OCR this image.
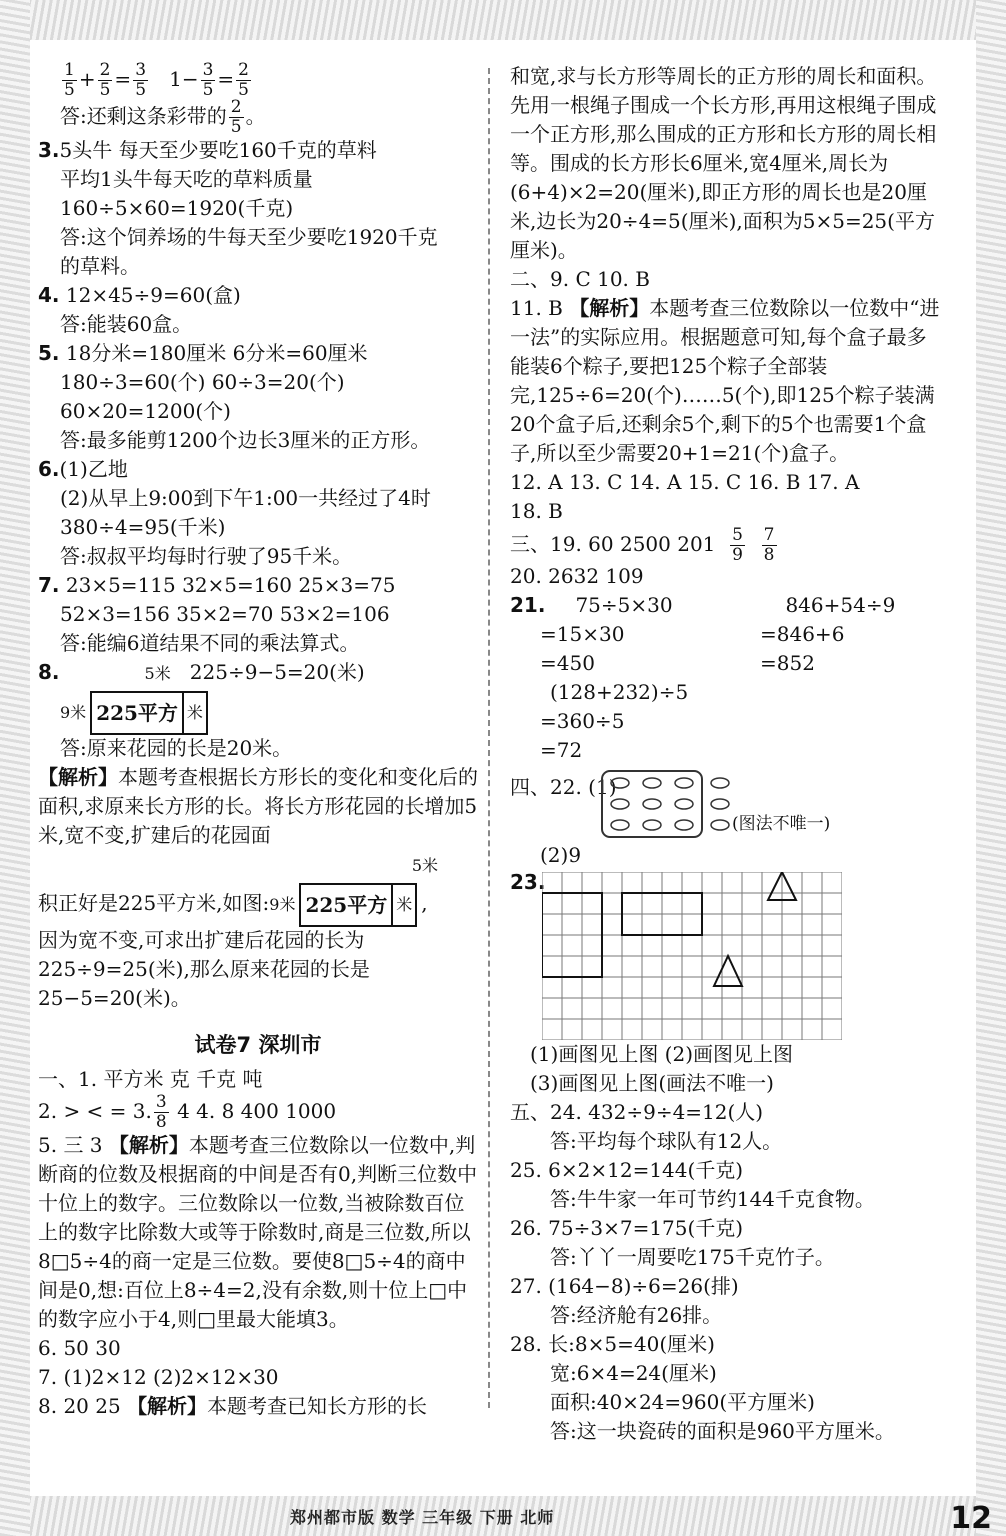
$\frac{1}{5} + \frac{2}{5} = \frac{3}{5} 1- \frac{3}{5} = \frac{2}{5}$
答:还剩这条彩带的 $\frac{2}{5}$ 。
3.5头牛 每天至少要吃160千克的草料
平均1头牛每天吃的草料质量
160÷5×60=1920(千克)
答:这个饲养场的牛每天至少要吃1920千克
的草料。
4. 12×45÷9=60(盒)
答:能装60盒。
5. 18分米=180厘米 6分米=60厘米
180÷3=60(个) 60÷3=20(个)
60×20=1200(个)
答:最多能剪1200个边长3厘米的正方形。
6.(1)乙地
(2)从早上9:00到下午1:00一共经过了4时
380÷4=95(千米)
答:叔叔平均每时行驶了95千米。
7. 23×5=115 32×5=160 25×3=75
52×3=156 35×2=70 53×2=106
答:能编6道结果不同的乘法算式。
8.	5米 225÷9−5=20(米)
9米 225平方 米
答:原来花园的长是20米。
【解析】本题考查根据长方形长的变化和变化后的面积,求原来长方形的长。将长方形花园的长增加5米,宽不变,扩建后的花园面
5米
积正好是225平方米,如图:9米 225平方 米 ,
因为宽不变,可求出扩建后花园的长为225÷9=25(米),那么原来花园的长是25−5=20(米)。
试卷7 深圳市
一、1. 平方米 克 千克 吨
2. > < = 3. $\frac{3}{8} 4$ 4. 8 400 1000
5. 三 3 【解析】本题考查三位数除以一位数中,判断商的位数及根据商的中间是否有0,判断三位数中十位上的数字。三位数除以一位数,当被除数百位上的数字比除数大或等于除数时,商是三位数,所以8□5÷4的商一定是三位数。要使8□5÷4的商中间是0,想:百位上8÷4=2,没有余数,则十位上□中的数字应小于4,则□里最大能填3。
6. 50 30
7. (1)2×12 (2)2×12×30
8. 20 25 【解析】本题考查已知长方形的长
和宽,求与长方形等周长的正方形的周长和面积。先用一根绳子围成一个长方形,再用这根绳子围成一个正方形,那么围成的正方形和长方形的周长相等。围成的长方形长6厘米,宽4厘米,周长为(6+4)×2=20(厘米),即正方形的周长也是20厘米,边长为20÷4=5(厘米),面积为5×5=25(平方厘米)。
二、9. C 10. B
11. B 【解析】本题考查三位数除以一位数中“进一法”的实际应用。根据题意可知,每个盒子最多能装6个粽子,要把125个粽子全部装完,125÷6=20(个)……5(个),即125个粽子装满20个盒子后,还剩余5个,剩下的5个也需要1个盒子,所以至少需要20+1=21(个)盒子。
12. A 13. C 14. A 15. C 16. B 17. A
18. B
三、19. 60 2500 $201 \frac{5}{9}$
$\frac{7}{8}$
20. 2632 109
21. 75÷5×30	846+54÷9
=15×30	=846+6
=450	=852
(128+232)÷5
=360÷5
=72
四、22. (1)
(图法不唯一)
(2)9
23.
(1)画图见上图 (2)画图见上图
(3)画图见上图(画法不唯一)
五、24. 432÷9÷4=12(人)
答:平均每个球队有12人。
25. 6×2×12=144(千克)
答:牛牛家一年可节约144千克食物。
26. 75÷3×7=175(千克)
答:丫丫一周要吃175千克竹子。
27. (164−8)÷6=26(排)
答:经济舱有26排。
28. 长:8×5=40(厘米)
宽:6×4=24(厘米)
面积:40×24=960(平方厘米)
答:这一块瓷砖的面积是960平方厘米。
郑州都市版 数学 三年级 下册 北师	12
